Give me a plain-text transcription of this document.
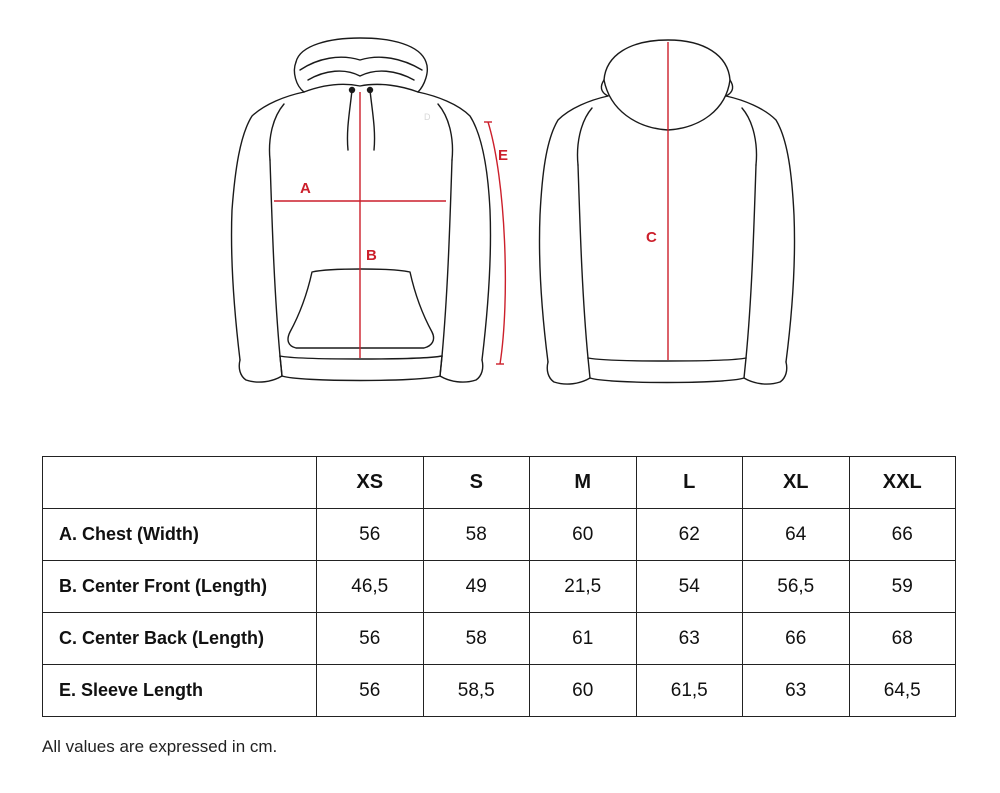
A
B
E
D
C
	XS	S	M	L	XL	XXL
A. Chest (Width)	56	58	60	62	64	66
B. Center Front (Length)	46,5	49	21,5	54	56,5	59
C. Center Back (Length)	56	58	61	63	66	68
E. Sleeve Length	56	58,5	60	61,5	63	64,5
All values are expressed in cm.
